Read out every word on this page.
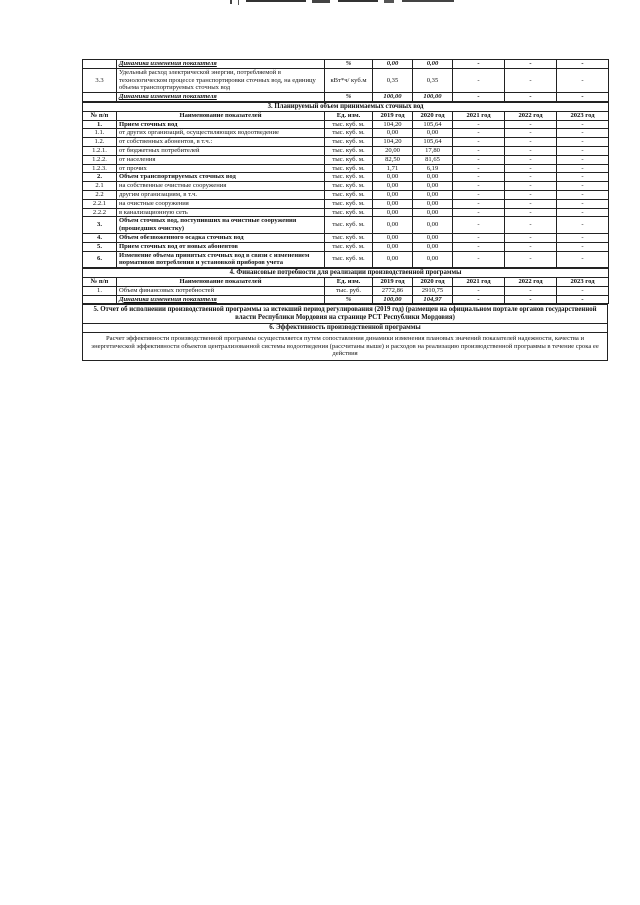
	Динамика изменения показателя	%	0,00	0,00	-	-	-
3.3	Удельный расход электрической энергии, потребляемой в технологическом процессе транспортировки сточных вод, на единицу объема транспортируемых сточных вод	кВт*ч/ куб.м	0,35	0,35	-	-	-
	Динамика изменения показателя	%	100,00	100,00	-	-	-
3. Планируемый объем принимаемых сточных вод							
№ п/п	Наименование показателей	Ед. изм.	2019 год	2020 год	2021 год	2022 год	2023 год
1.	Прием сточных вод	тыс. куб. м.	104,20	105,64	-	-	-
1.1.	от других организаций, осуществляющих водоотведение	тыс. куб. м.	0,00	0,00	-	-	-
1.2.	от собственных абонентов, в т.ч.:	тыс. куб. м.	104,20	105,64	-	-	-
1.2.1.	от бюджетных потребителей	тыс. куб. м.	20,00	17,80	-	-	-
1.2.2.	от населения	тыс. куб. м.	82,50	81,65	-	-	-
1.2.3.	от прочих	тыс. куб. м.	1,71	6,19	-	-	-
2.	Объем транспортируемых сточных вод	тыс. куб. м.	0,00	0,00	-	-	-
2.1	на собственные очистные сооружения	тыс. куб. м.	0,00	0,00	-	-	-
2.2	другим организациям, в т.ч.	тыс. куб. м.	0,00	0,00	-	-	-
2.2.1	на очистные сооружения	тыс. куб. м.	0,00	0,00	-	-	-
2.2.2	в канализационную сеть	тыс. куб. м.	0,00	0,00	-	-	-
3.	Объем сточных вод, поступивших на очистные сооружения (прошедших очистку)	тыс. куб. м.	0,00	0,00	-	-	-
4.	Объем обезвоженного осадка сточных вод	тыс. куб. м.	0,00	0,00	-	-	-
5.	Прием сточных вод от новых абонентов	тыс. куб. м.	0,00	0,00	-	-	-
6.	Изменение объема принятых сточных вод в связи с изменением нормативов потребления и установкой приборов учета	тыс. куб. м.	0,00	0,00	-	-	-
4. Финансовые потребности для реализации производственной программы							
№ п/п	Наименование показателей	Ед. изм.	2019 год	2020 год	2021 год	2022 год	2023 год
1.	Объем финансовых потребностей	тыс. руб.	2772,86	2910,75	-	-	-
	Динамика изменения показателя	%	100,00	104,97	-	-	-
5. Отчет об исполнении производственной программы за истекший период регулирования (2019 год) (размещен на официальном портале органов государственной власти Республики Мордовия на странице РСТ Республики Мордовия)
6. Эффективность производственной программы
Расчет эффективности производственной программы осуществляется путем сопоставления динамики изменения плановых значений показателей надежности, качества и энергетической эффективности объектов централизованной системы водоотведения (рассчитаны выше) и расходов на реализацию производственной программы в течение срока ее действия
